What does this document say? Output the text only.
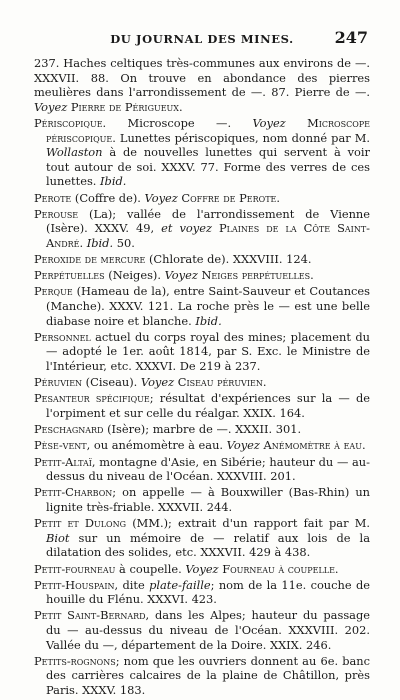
DU JOURNAL DES MINES.	247

237. Haches celtiques très-communes aux environs de —. XXXVII. 88. On trouve en abondance des pierres meulières dans l'arrondissement de —. 87. Pierre de —. Voyez Pierre de Périgueux.

Périscopique. Microscope —. Voyez Microscope périscopique. Lunettes périscopiques, nom donné par M. Wollaston à de nouvelles lunettes qui servent à voir tout autour de soi. XXXV. 77. Forme des verres de ces lunettes. Ibid.

Perote (Coffre de). Voyez Coffre de Perote.

Perouse (La); vallée de l'arrondissement de Vienne (Isère). XXXV. 49, et voyez Plaines de la Côte Saint-André. Ibid. 50.

Peroxide de mercure (Chlorate de). XXXVIII. 124.

Perpétuelles (Neiges). Voyez Neiges perpétuelles.

Perque (Hameau de la), entre Saint-Sauveur et Coutances (Manche). XXXV. 121. La roche près le — est une belle diabase noire et blanche. Ibid.

Personnel actuel du corps royal des mines; placement du — adopté le 1er. août 1814, par S. Exc. le Ministre de l'Intérieur, etc. XXXVI. De 219 à 237.

Péruvien (Ciseau). Voyez Ciseau péruvien.

Pesanteur spécifique; résultat d'expériences sur la — de l'orpiment et sur celle du réalgar. XXIX. 164.

Peschagnard (Isère); marbre de —. XXXII. 301.

Pèse-vent, ou anémomètre à eau. Voyez Anémomètre à eau.

Petit-Altaï, montagne d'Asie, en Sibérie; hauteur du — au-dessus du niveau de l'Océan. XXXVIII. 201.

Petit-Charbon; on appelle — à Bouxwiller (Bas-Rhin) un lignite très-friable. XXXVII. 244.

Petit et Dulong (MM.); extrait d'un rapport fait par M. Biot sur un mémoire de — relatif aux lois de la dilatation des solides, etc. XXXVII. 429 à 438.

Petit-fourneau à coupelle. Voyez Fourneau à coupelle.

Petit-Houspain, dite plate-faille; nom de la 11e. couche de houille du Flénu. XXXVI. 423.

Petit Saint-Bernard, dans les Alpes; hauteur du passage du — au-dessus du niveau de l'Océan. XXXVIII. 202. Vallée du —, département de la Doire. XXIX. 246.

Petits-rognons; nom que les ouvriers donnent au 6e. banc des carrières calcaires de la plaine de Châtillon, près Paris. XXXV. 183.
